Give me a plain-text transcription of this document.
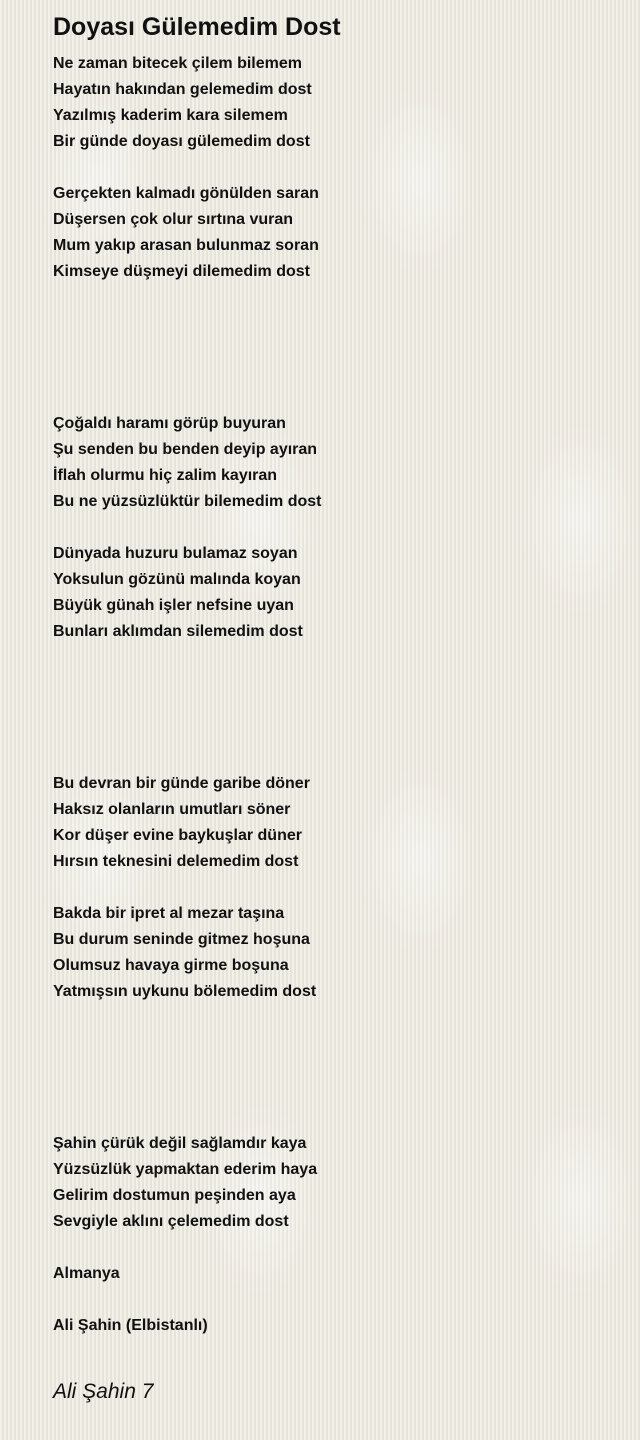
Doyası Gülemedim Dost
Ne zaman bitecek çilem bilemem
Hayatın hakından gelemedim dost
Yazılmış kaderim kara silemem
Bir günde doyası gülemedim dost
Gerçekten kalmadı gönülden saran
Düşersen çok olur sırtına vuran
Mum yakıp arasan bulunmaz soran
Kimseye düşmeyi dilemedim dost
Çoğaldı haramı görüp buyuran
Şu senden bu benden deyip ayıran
İflah olurmu hiç zalim kayıran
Bu ne yüzsüzlüktür bilemedim dost
Dünyada huzuru bulamaz soyan
Yoksulun gözünü malında koyan
Büyük günah işler nefsine uyan
Bunları aklımdan silemedim dost
Bu devran bir günde garibe döner
Haksız olanların umutları söner
Kor düşer evine baykuşlar düner
Hırsın teknesini delemedim dost
Bakda bir ipret al mezar taşına
Bu durum seninde gitmez hoşuna
Olumsuz havaya girme boşuna
Yatmışsın uykunu bölemedim dost
Şahin çürük değil sağlamdır kaya
Yüzsüzlük yapmaktan ederim haya
Gelirim dostumun peşinden aya
Sevgiyle aklını çelemedim dost
Almanya
Ali Şahin (Elbistanlı)
Ali Şahin 7
